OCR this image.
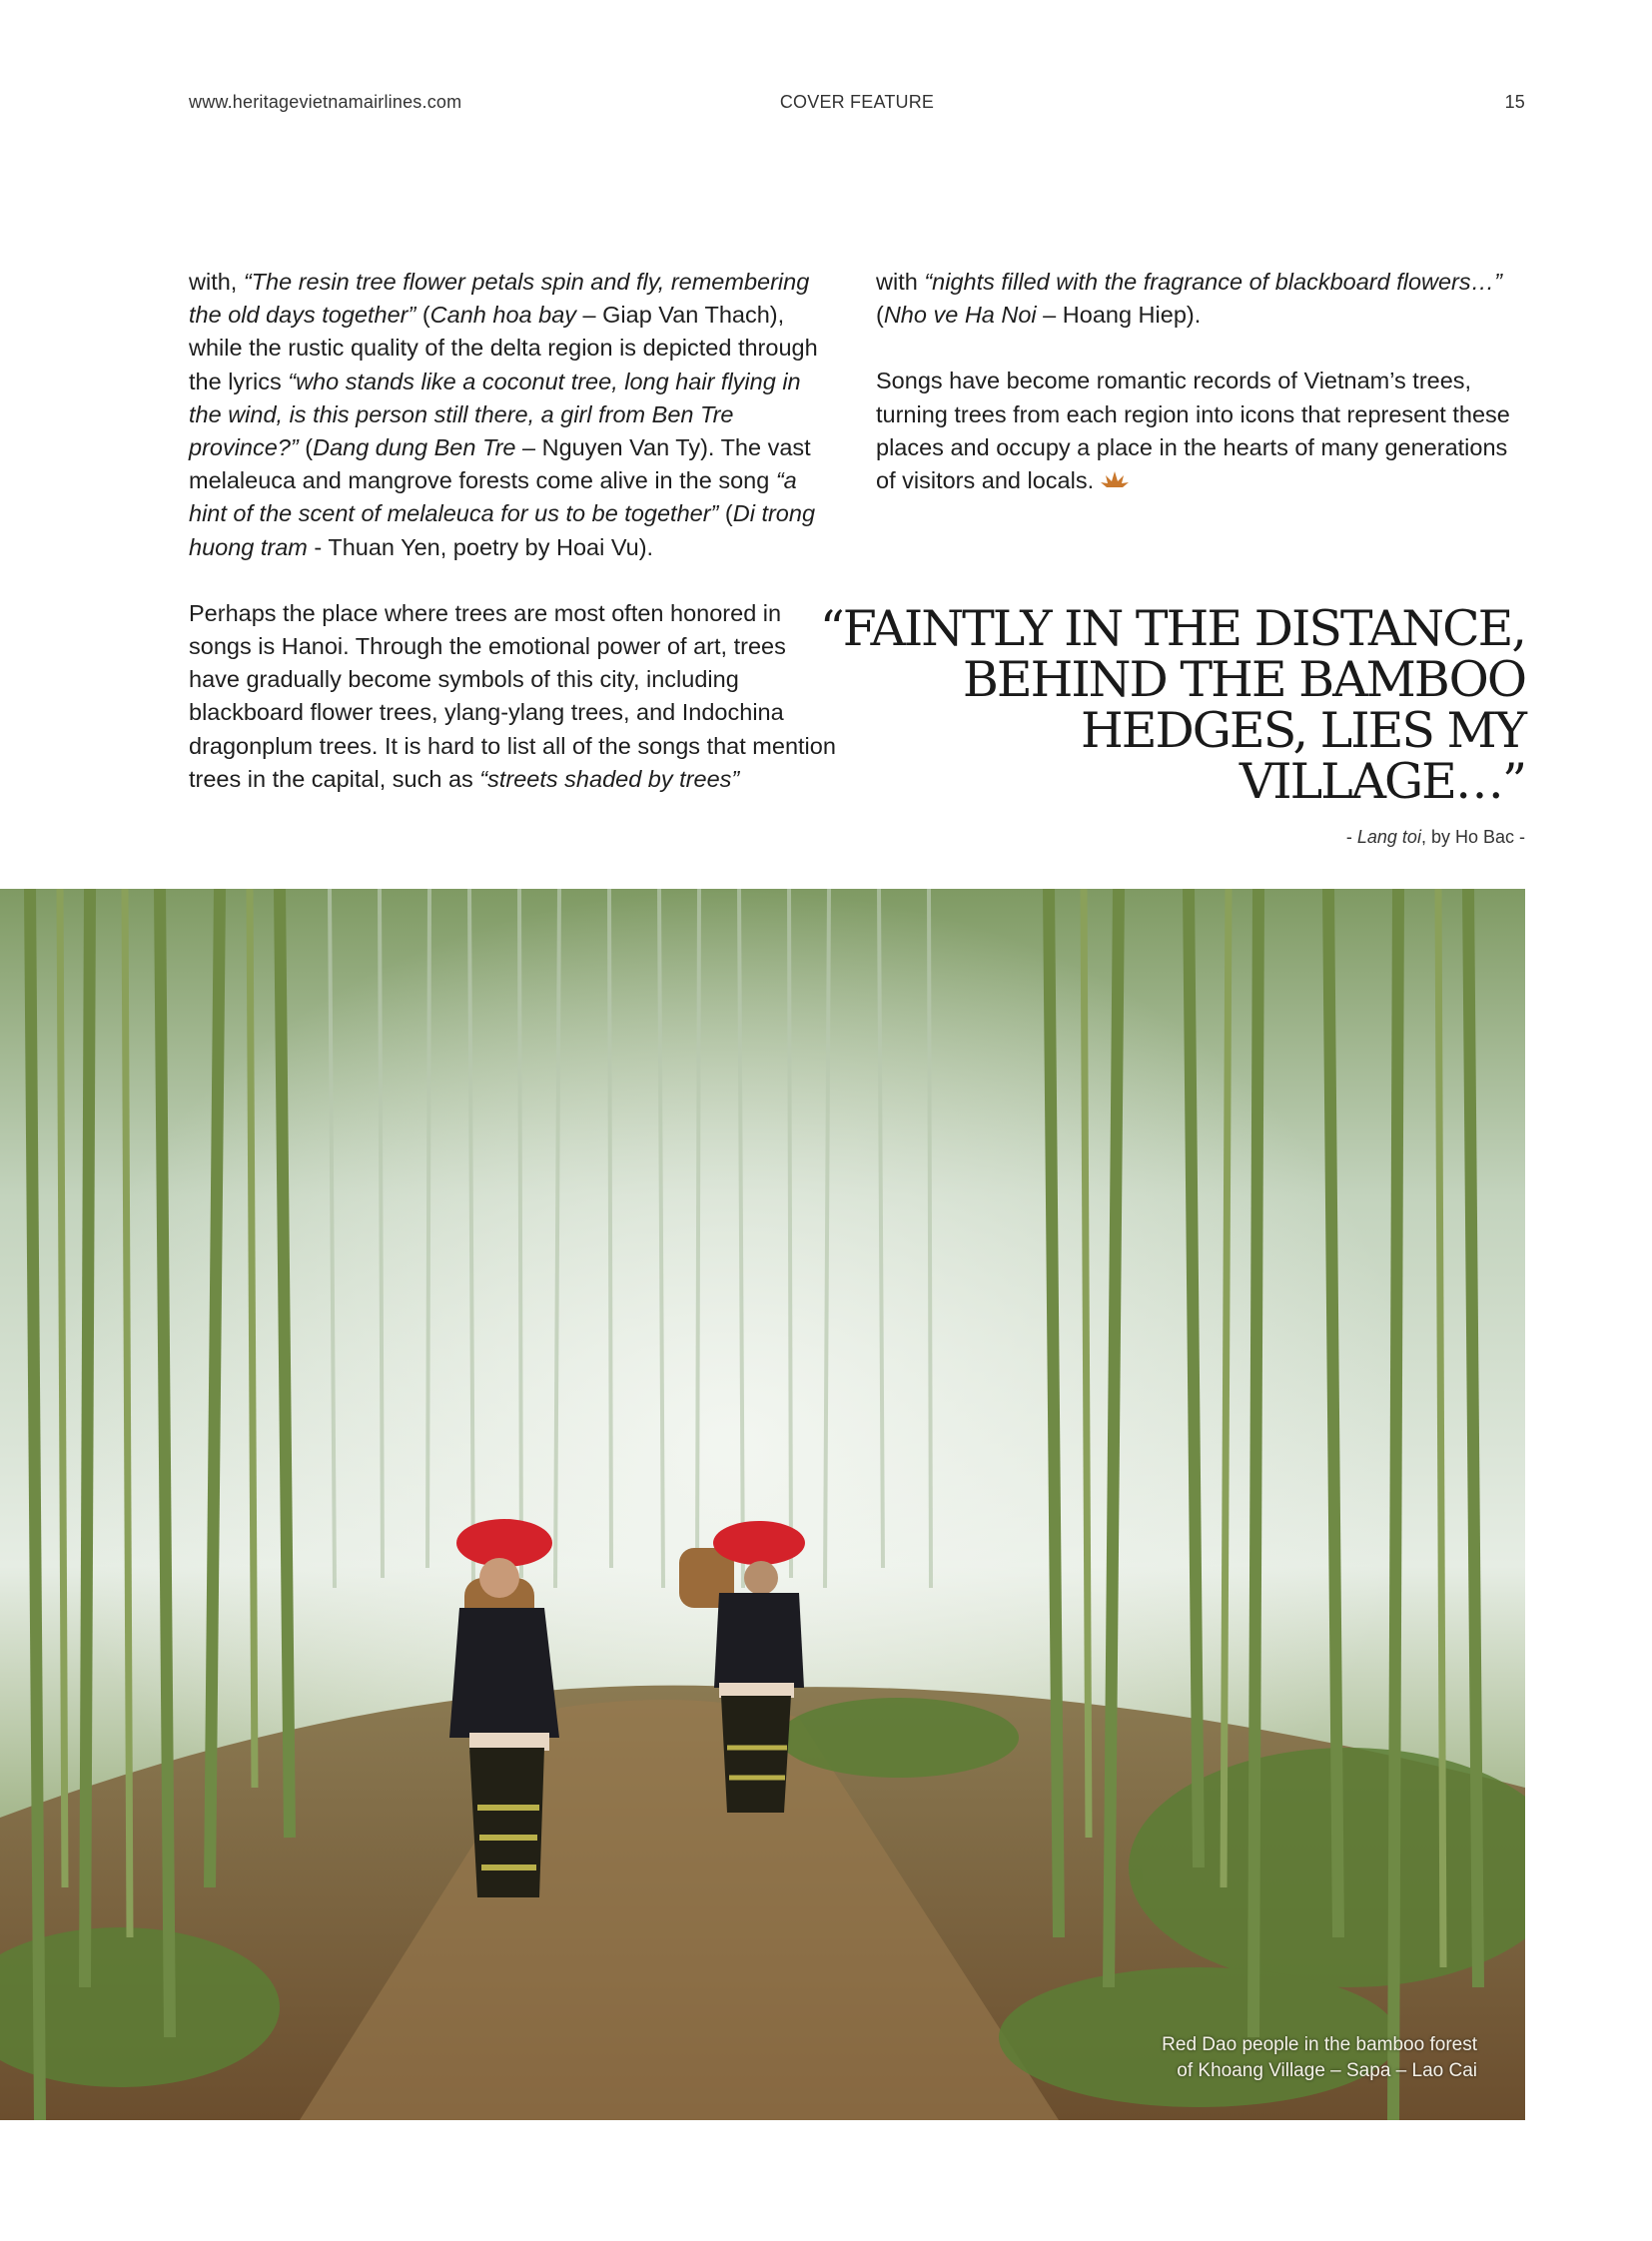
www.heritagevietnamairlines.com	COVER FEATURE	15

with, “The resin tree flower petals spin and fly, remembering the old days together” (Canh hoa bay – Giap Van Thach), while the rustic quality of the delta region is depicted through the lyrics “who stands like a coconut tree, long hair flying in the wind, is this person still there, a girl from Ben Tre province?” (Dang dung Ben Tre – Nguyen Van Ty). The vast melaleuca and mangrove forests come alive in the song “a hint of the scent of melaleuca for us to be together” (Di trong huong tram - Thuan Yen, poetry by Hoai Vu).

Perhaps the place where trees are most often honored in songs is Hanoi. Through the emotional power of art, trees have gradually become symbols of this city, including blackboard flower trees, ylang-ylang trees, and Indochina dragonplum trees. It is hard to list all of the songs that mention trees in the capital, such as “streets shaded by trees”

with “nights filled with the fragrance of blackboard flowers…” (Nho ve Ha Noi – Hoang Hiep).

Songs have become romantic records of Vietnam’s trees, turning trees from each region into icons that represent these places and occupy a place in the hearts of many generations of visitors and locals.

“FAINTLY IN THE DISTANCE,
BEHIND THE BAMBOO
HEDGES, LIES MY VILLAGE…”
- Lang toi, by Ho Bac -
Red Dao people in the bamboo forest
of Khoang Village – Sapa – Lao Cai
